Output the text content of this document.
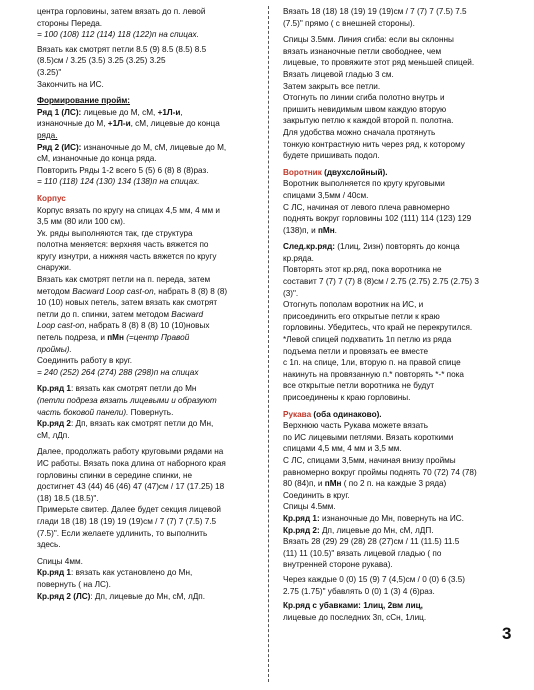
центра горловины, затем вязать до п. левой

стороны Переда.

= 100 (108) 112 (114) 118 (122)п на спицах.

Вязать как смотрят петли 8.5 (9) 8.5 (8.5) 8.5

(8.5)см / 3.25 (3.5) 3.25 (3.25) 3.25

(3.25)"

Закончить на ИС.

Формирование пройм:

Ряд 1 (ЛС): лицевые до М, сМ, +1Л-и,

изнаночные до М, +1Л-и, сМ, лицевые до конца

ряда.

Ряд 2 (ИС): изнаночные до М, сМ, лицевые до М,

сМ, изнаночные до конца ряда.

Повторить Ряды 1-2 всего 5 (5) 6 (8) 8 (8)раз.

= 110 (118) 124 (130) 134 (138)п на спицах.

Корпус

Корпус вязать по кругу на спицах 4,5 мм, 4 мм и

3,5 мм (80 или 100 см).

Ук. ряды выполняются так, где структура

полотна меняется: верхняя часть вяжется по

кругу изнутри, а нижняя часть вяжется по кругу

снаружи.

Вязать как смотрят петли на п. переда, затем

методом Bacward Loop cast-on, набрать 8 (8) 8 (8)

10 (10) новых петель, затем вязать как смотрят

петли до п. спинки, затем методом Bacward

Loop cast-on, набрать 8 (8) 8 (8) 10 (10)новых

петель подреза, и пМн (=центр Правой

проймы).

Соединить работу в круг.

= 240 (252) 264 (274) 288 (298)п на спицах

Кр.ряд 1: вязать как смотрят петли до Мн

(петли подреза вязать лицевыми и образуют

часть боковой панели). Повернуть.

Кр.ряд 2: Дп, вязать как смотрят петли до Мн,

сМ, лДп.

Далее, продолжать работу круговыми рядами на

ИС работы. Вязать пока длина от наборного края

горловины спинки в середине спинки, не

достигнет 43 (44) 46 (46) 47 (47)см / 17 (17.25) 18

(18) 18.5 (18.5)".

Примерьте свитер. Далее будет секция лицевой

глади 18 (18) 18 (19) 19 (19)см / 7 (7) 7 (7.5) 7.5

(7.5)". Если желаете удлинить, то выполнить

здесь.

Спицы 4мм.

Кр.ряд 1: вязать как установлено до Мн,

повернуть ( на ЛС).

Кр.ряд 2 (ЛС): Дп, лицевые до Мн, сМ, лДп.

Вязать 18 (18) 18 (19) 19 (19)см / 7 (7) 7 (7.5) 7.5

(7.5)" прямо ( с внешней стороны).

Спицы 3.5мм. Линия сгиба: если вы склонны

вязать изнаночные петли свободнее, чем

лицевые, то провяжите этот ряд меньшей спицей.

Вязать лицевой гладью 3 см.

Затем закрыть все петли.

Отогнуть по линии сгиба полотно внутрь и

пришить невидимым швом каждую вторую

закрытую петлю к каждой второй п. полотна.

Для удобства можно сначала протянуть

тонкую контрастную нить через ряд, к которому

будете пришивать подол.

Воротник (двухслойный).

Воротник выполняется по кругу круговыми

спицами 3,5мм / 40см.

С ЛС, начиная от левого плеча равномерно

поднять вокруг горловины 102 (111) 114 (123) 129

(138)п, и пМн.

След.кр.ряд: (1лиц, 2изн) повторять до конца

кр.ряда.

Повторять этот кр.ряд, пока воротника не

составит 7 (7) 7 (7) 8 (8)см / 2.75 (2.75) 2.75 (2.75) 3

(3)".

Отогнуть пополам воротник на ИС, и

присоединить его открытые петли к краю

горловины. Убедитесь, что край не перекрутился.

*Левой спицей подхватить 1п петлю из ряда

подъема петли и провязать ее вместе

с 1п. на спице, 1ли, вторую п. на правой спице

накинуть на провязанную п.* повторять *-* пока

все открытые петли воротника не будут

присоединены к краю горловины.

Рукава (оба одинаково).

Верхнюю часть Рукава можете вязать

по ИС лицевыми петлями. Вязать короткими

спицами 4,5 мм, 4 мм и 3,5 мм.

С ЛС, спицами 3,5мм, начиная внизу проймы

равномерно вокруг проймы поднять 70 (72) 74 (78)

80 (84)п, и пМн ( по 2 п. на каждые 3 ряда)

Соединить в круг.

Спицы 4.5мм.

Кр.ряд 1: изнаночные до Мн, повернуть на ИС.

Кр.ряд 2: Дп, лицевые до Мн, сМ, лДП.

Вязать 28 (29) 29 (28) 28 (27)см / 11 (11.5) 11.5

(11) 11 (10.5)" вязать лицевой гладью ( по

внутренней стороне рукава).

Через каждые 0 (0) 15 (9) 7 (4,5)см / 0 (0) 6 (3.5)

2.75 (1.75)" убавлять 0 (0) 1 (3) 4 (6)раз.

Кр.ряд с убавками: 1лиц, 2вм лиц,

лицевые до последних 3п, сСн, 1лиц.

3
